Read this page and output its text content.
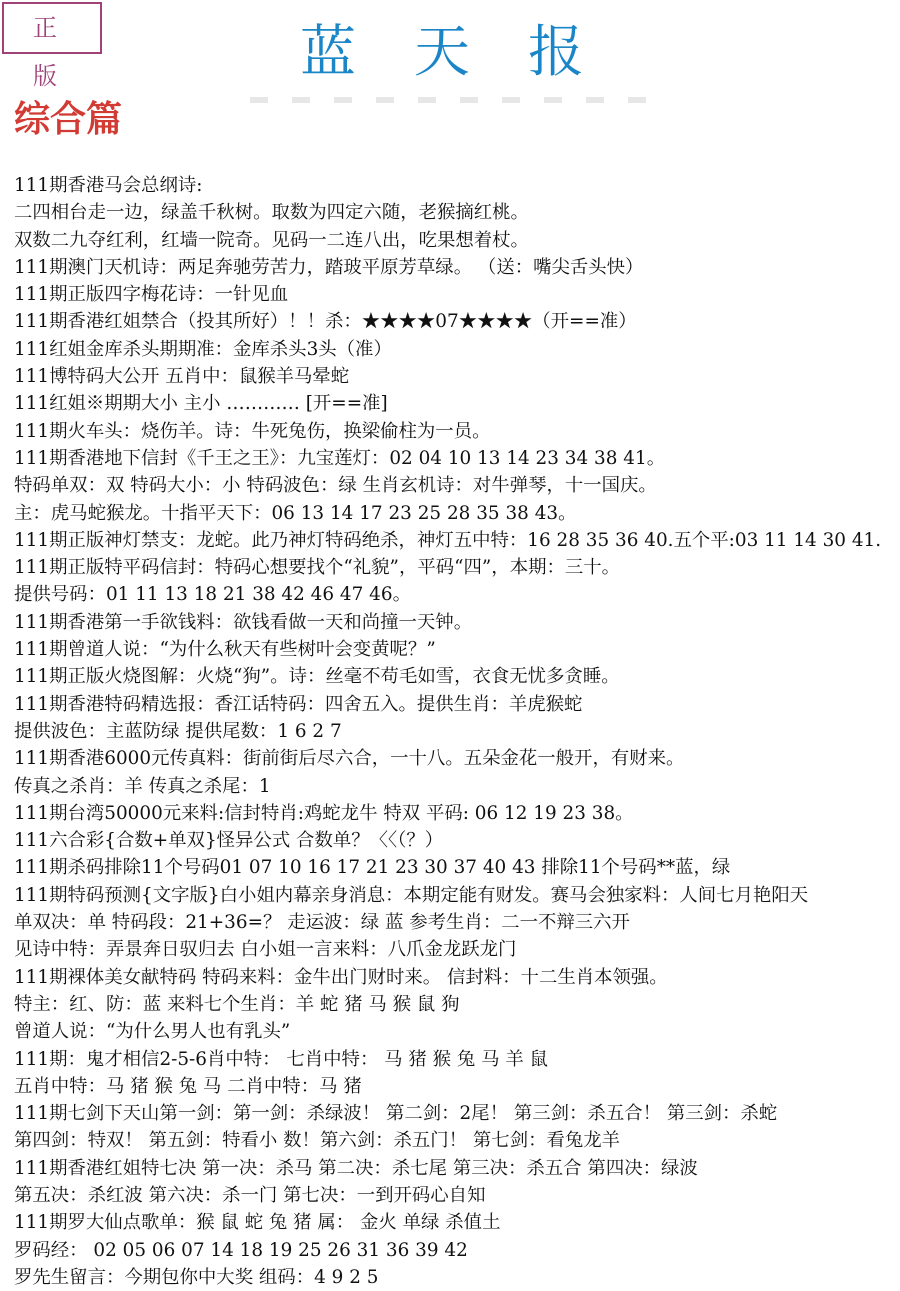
正 版	蓝天报
综合篇
111期香港马会总纲诗:
二四相台走一边，绿盖千秋树。取数为四定六随，老猴摘红桃。
双数二九夺红利，红墙一院奇。见码一二连八出，吃果想着杖。
111期澳门天机诗：两足奔驰劳苦力，踏玻平原芳草绿。 （送：嘴尖舌头快）
111期正版四字梅花诗：一针见血
111期香港红姐禁合（投其所好）！！杀：★★★★07★★★★（开==准）
111红姐金库杀头期期准：金库杀头3头（准）
111博特码大公开 五肖中：鼠猴羊马晕蛇
111红姐※期期大小 主小 ………… [开==准]
111期火车头：烧伤羊。诗：牛死兔伤，换梁偷柱为一员。
111期香港地下信封《千王之王》：九宝莲灯：02 04 10 13 14 23 34 38 41。
特码单双：双 特码大小：小 特码波色：绿 生肖玄机诗：对牛弹琴，十一国庆。
主：虎马蛇猴龙。十指平天下：06 13 14 17 23 25 28 35 38 43。
111期正版神灯禁支：龙蛇。此乃神灯特码绝杀，神灯五中特：16 28 35 36 40.五个平:03 11 14 30 41.
111期正版特平码信封：特码心想要找个“礼貌”，平码“四”，本期：三十。
提供号码：01 11 13 18 21 38 42 46 47 46。
111期香港第一手欲钱料：欲钱看做一天和尚撞一天钟。
111期曾道人说：“为什么秋天有些树叶会变黄呢？”
111期正版火烧图解：火烧“狗”。诗：丝毫不苟毛如雪，衣食无忧多贪睡。
111期香港特码精选报：香江话特码：四舍五入。提供生肖：羊虎猴蛇
提供波色：主蓝防绿 提供尾数：1 6 2 7
111期香港6000元传真料：街前街后尽六合，一十八。五朵金花一般开，有财来。
传真之杀肖：羊 传真之杀尾：1
111期台湾50000元来料:信封特肖:鸡蛇龙牛 特双 平码: 06 12 19 23 38。
111六合彩{合数+单双}怪异公式 合数单？〈〈（？）
111期杀码排除11个号码01 07 10 16 17 21 23 30 37 40 43 排除11个号码**蓝，绿
111期特码预测{文字版}白小姐内幕亲身消息：本期定能有财发。赛马会独家料：人间七月艳阳天
单双决：单 特码段：21+36=？ 走运波：绿 蓝 参考生肖：二一不辩三六开
见诗中特：弄景奔日驭归去 白小姐一言来料：八爪金龙跃龙门
111期裸体美女献特码 特码来料：金牛出门财时来。 信封料：十二生肖本领强。
特主：红、防：蓝 来料七个生肖：羊 蛇 猪 马 猴 鼠 狗
曾道人说：“为什么男人也有乳头”
111期：鬼才相信2-5-6肖中特： 七肖中特： 马 猪 猴 兔 马 羊 鼠
五肖中特：马 猪 猴 兔 马 二肖中特：马 猪
111期七剑下天山第一剑：第一剑：杀绿波！ 第二剑：2尾！ 第三剑：杀五合！ 第三剑：杀蛇
第四剑：特双！ 第五剑：特看小 数！第六剑：杀五门！ 第七剑：看兔龙羊
111期香港红姐特七决 第一决：杀马 第二决：杀七尾 第三决：杀五合 第四决：绿波
第五决：杀红波 第六决：杀一门 第七决：一到开码心自知
111期罗大仙点歌单：猴 鼠 蛇 兔 猪 属： 金火 单绿 杀值土
罗码经： 02 05 06 07 14 18 19 25 26 31 36 39 42
罗先生留言：今期包你中大奖 组码：4 9 2 5
